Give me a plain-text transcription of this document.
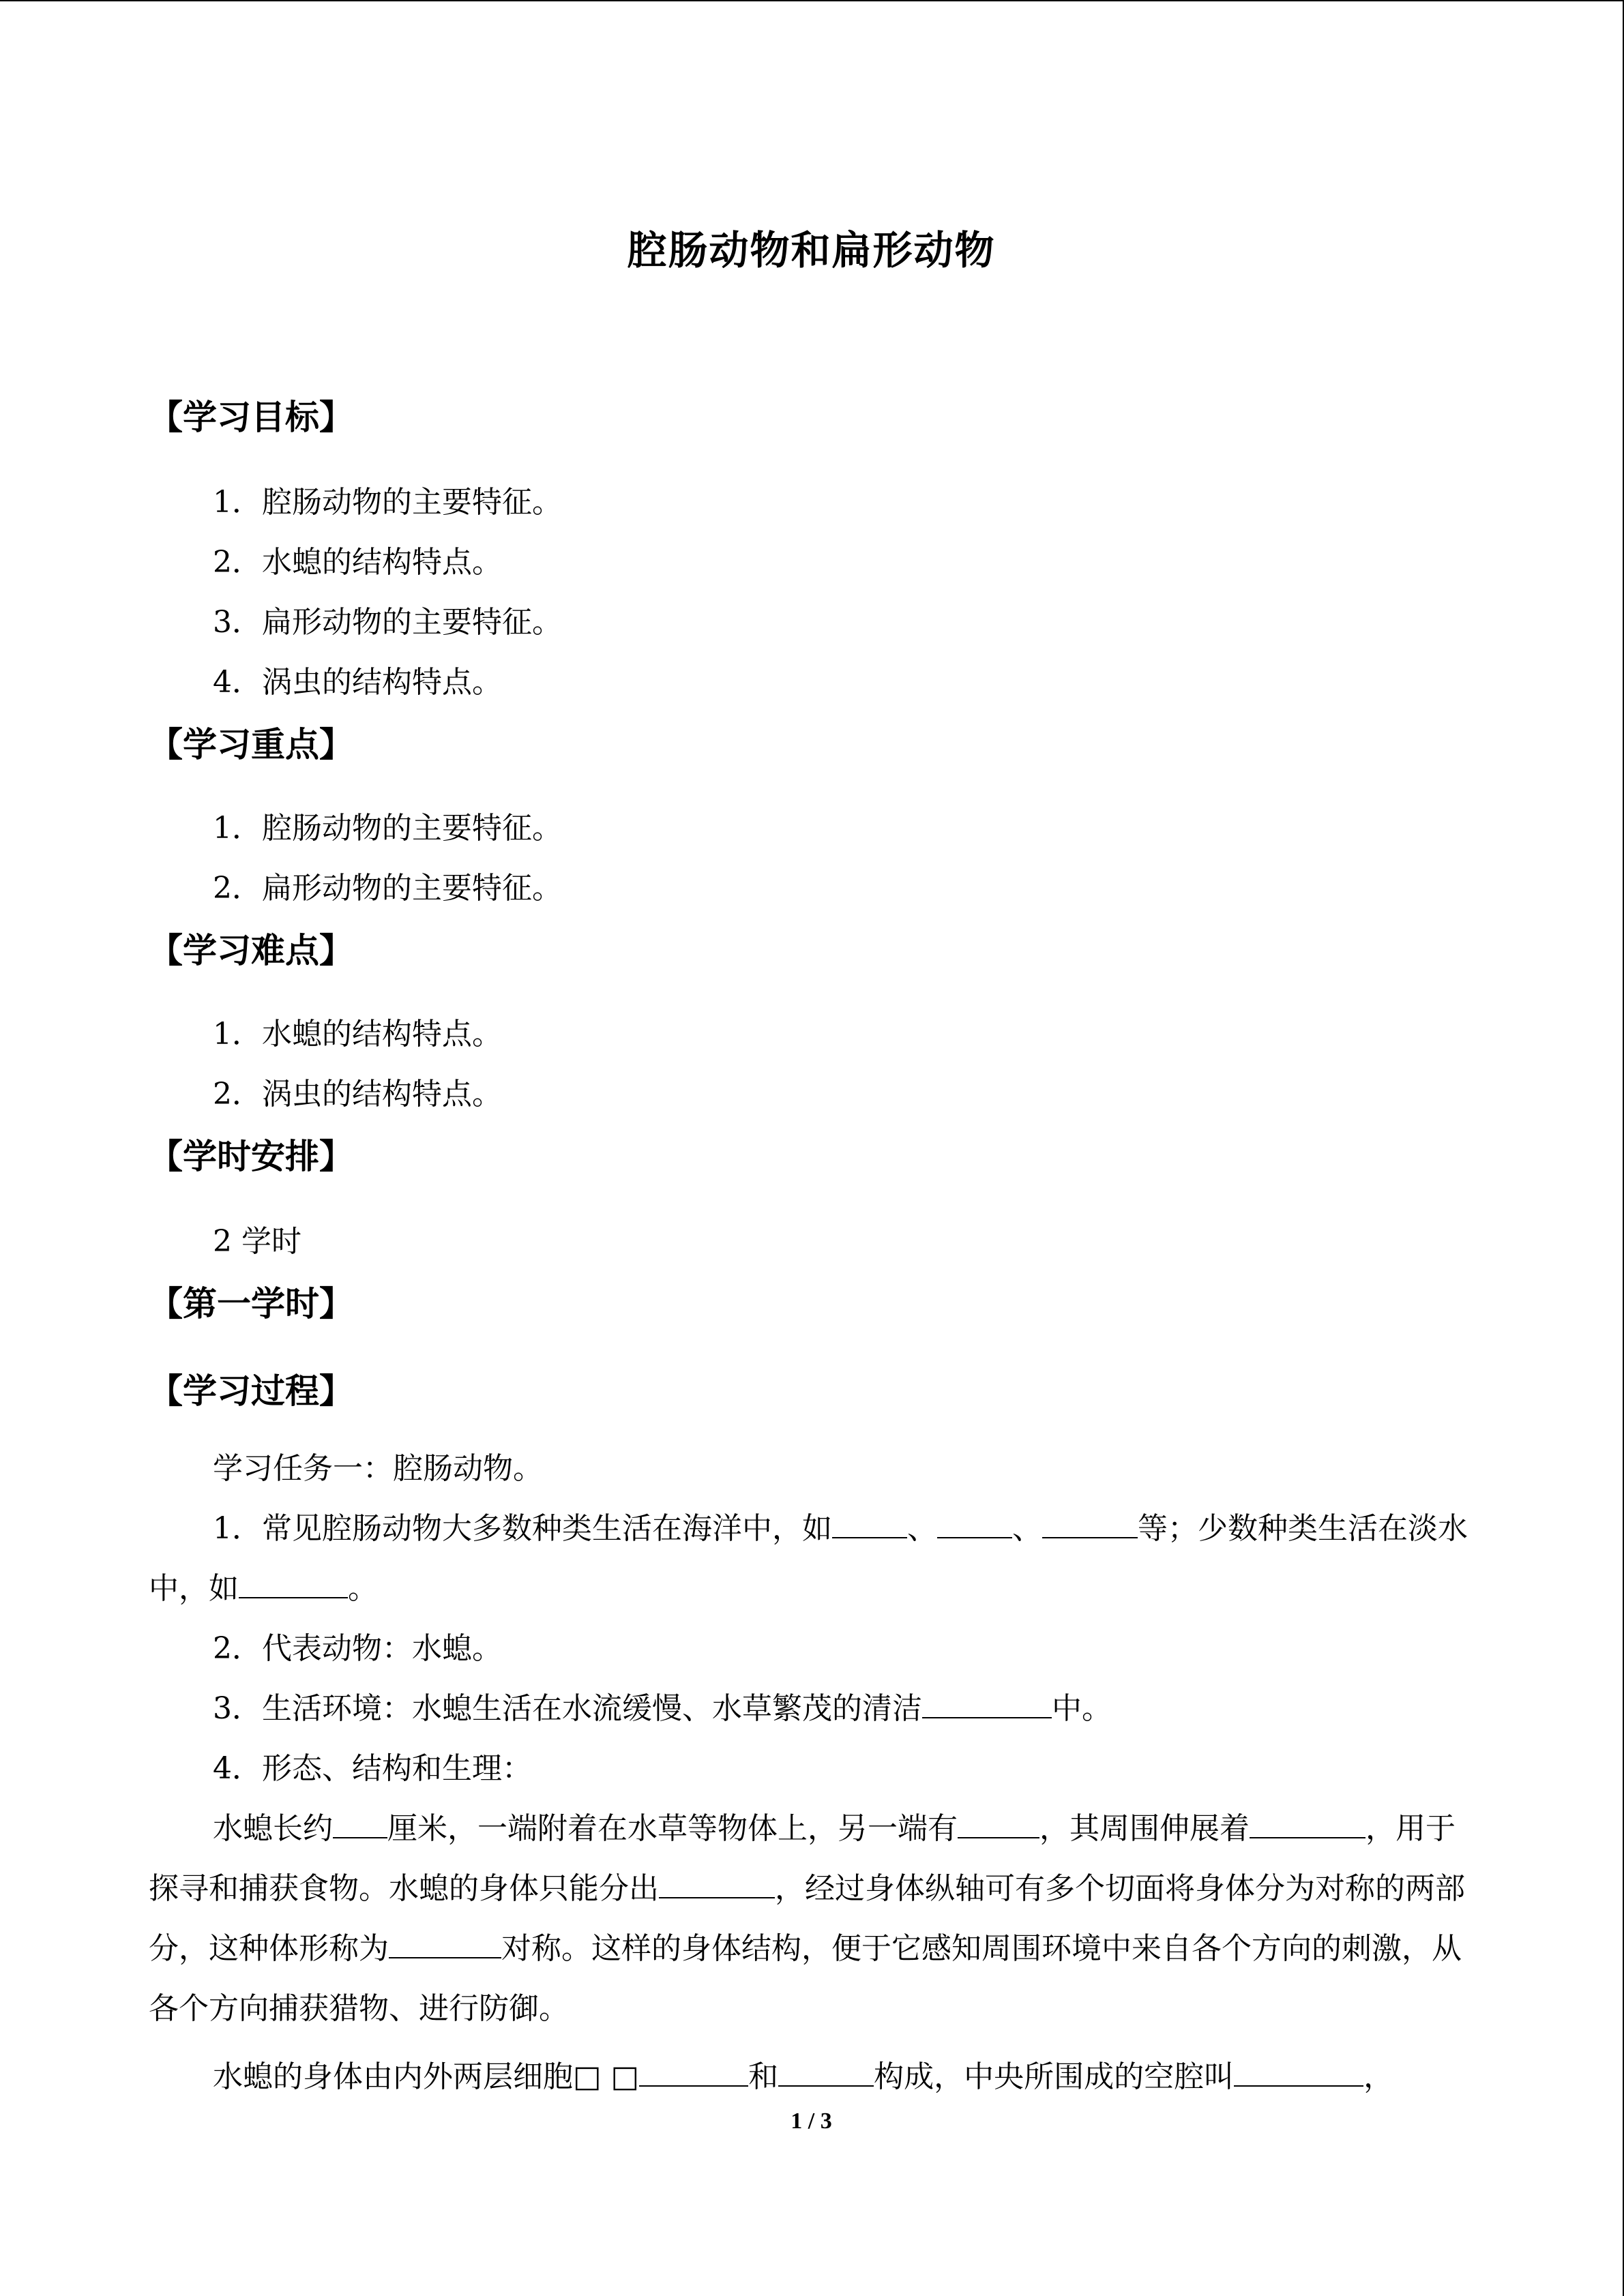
腔肠动物和扁形动物
【学习目标】
1．腔肠动物的主要特征。
2．水螅的结构特点。
3．扁形动物的主要特征。
4．涡虫的结构特点。
【学习重点】
1．腔肠动物的主要特征。
2．扁形动物的主要特征。
【学习难点】
1．水螅的结构特点。
2．涡虫的结构特点。
【学时安排】
2 学时
【第一学时】
【学习过程】
学习任务一：腔肠动物。
1．常见腔肠动物大多数种类生活在海洋中，如	、	、	等；少数种类生活在淡水中，如	。
2．代表动物：水螅。
3．生活环境：水螅生活在水流缓慢、水草繁茂的清洁	中。
4．形态、结构和生理：
水螅长约 厘米，一端附着在水草等物体上，另一端有	，其周围伸展着	，用于探寻和捕获食物。水螅的身体只能分出	，经过身体纵轴可有多个切面将身体分为对称的两部分，这种体形称为	对称。这样的身体结构，便于它感知周围环境中来自各个方向的刺激，从各个方向捕获猎物、进行防御。
水螅的身体由内外两层细胞□ □	和	构成，中央所围成的空腔叫	，
1 / 3
